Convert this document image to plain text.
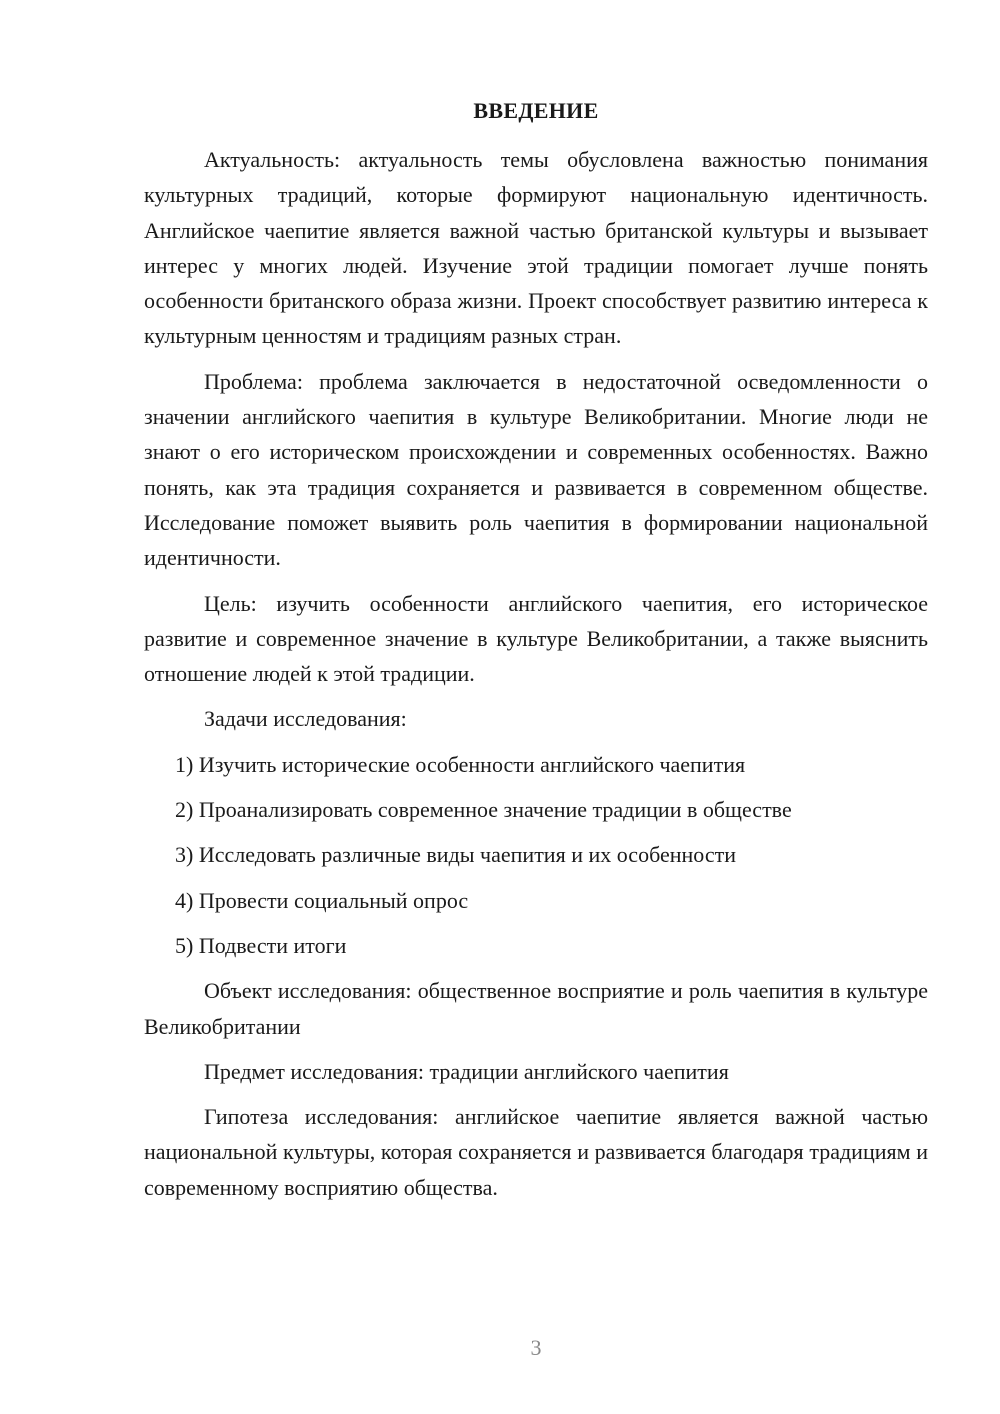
ВВЕДЕНИЕ

Актуальность: актуальность темы обусловлена важностью понимания культурных традиций, которые формируют национальную идентичность. Английское чаепитие является важной частью британской культуры и вызывает интерес у многих людей. Изучение этой традиции помогает лучше понять особенности британского образа жизни. Проект способствует развитию интереса к культурным ценностям и традициям разных стран.

Проблема: проблема заключается в недостаточной осведомленности о значении английского чаепития в культуре Великобритании. Многие люди не знают о его историческом происхождении и современных особенностях. Важно понять, как эта традиция сохраняется и развивается в современном обществе. Исследование поможет выявить роль чаепития в формировании национальной идентичности.

Цель: изучить особенности английского чаепития, его историческое развитие и современное значение в культуре Великобритании, а также выяснить отношение людей к этой традиции.

Задачи исследования:

1) Изучить исторические особенности английского чаепития
2) Проанализировать современное значение традиции в обществе
3) Исследовать различные виды чаепития и их особенности
4) Провести социальный опрос
5) Подвести итоги

Объект исследования: общественное восприятие и роль чаепития в культуре Великобритании

Предмет исследования: традиции английского чаепития

Гипотеза исследования: английское чаепитие является важной частью национальной культуры, которая сохраняется и развивается благодаря традициям и современному восприятию общества.

3
